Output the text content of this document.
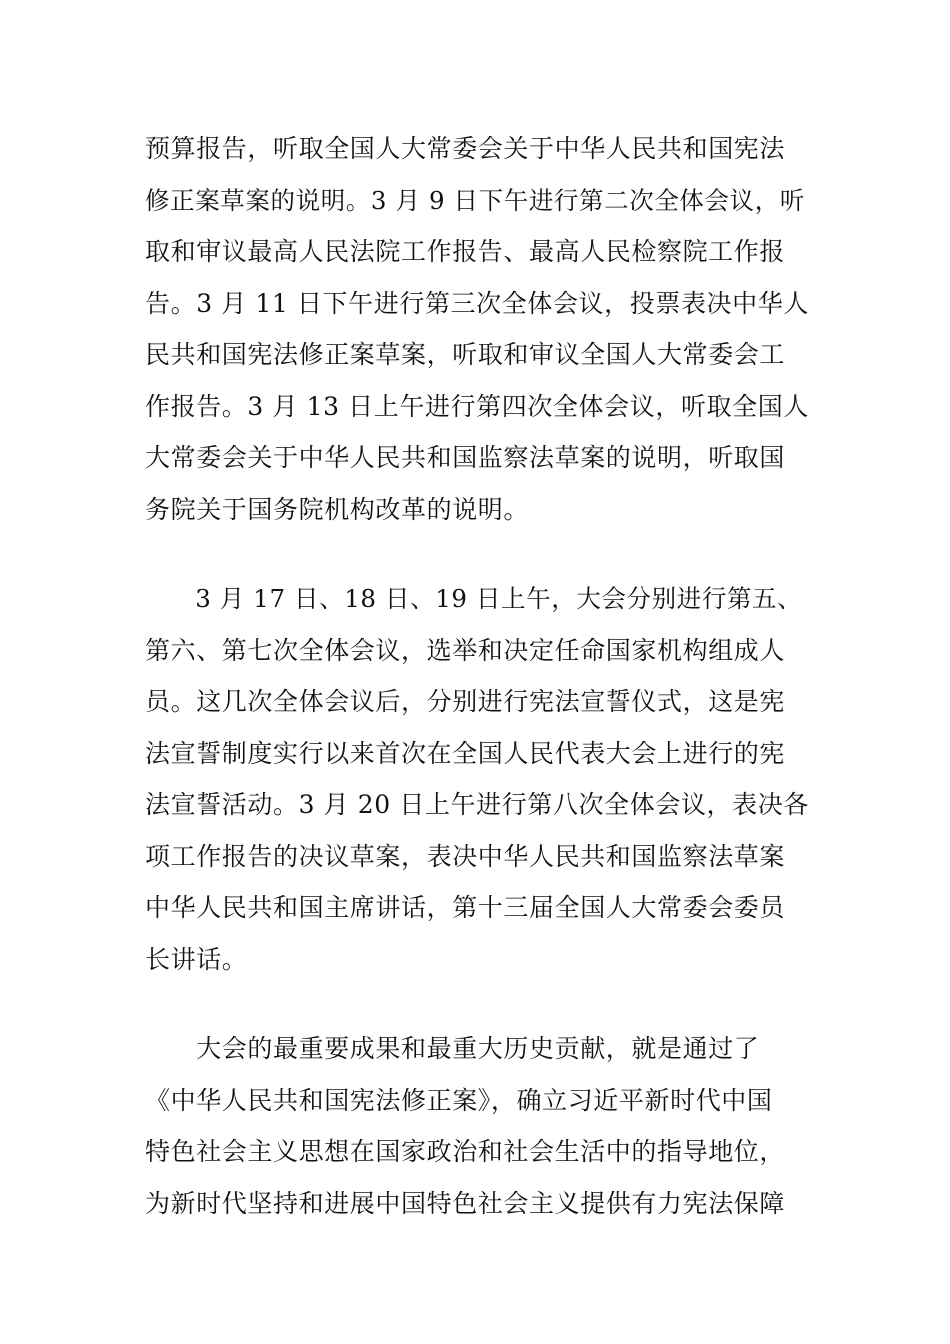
预算报告，听取全国人大常委会关于中华人民共和国宪法
修正案草案的说明。3 月 9 日下午进行第二次全体会议，听
取和审议最高人民法院工作报告、最高人民检察院工作报
告。3 月 11 日下午进行第三次全体会议，投票表决中华人
民共和国宪法修正案草案，听取和审议全国人大常委会工
作报告。3 月 13 日上午进行第四次全体会议，听取全国人
大常委会关于中华人民共和国监察法草案的说明，听取国
务院关于国务院机构改革的说明。
　　3 月 17 日、18 日、19 日上午，大会分别进行第五、
第六、第七次全体会议，选举和决定任命国家机构组成人
员。这几次全体会议后，分别进行宪法宣誓仪式，这是宪
法宣誓制度实行以来首次在全国人民代表大会上进行的宪
法宣誓活动。3 月 20 日上午进行第八次全体会议，表决各
项工作报告的决议草案，表决中华人民共和国监察法草案
中华人民共和国主席讲话，第十三届全国人大常委会委员
长讲话。
　　大会的最重要成果和最重大历史贡献，就是通过了
《中华人民共和国宪法修正案》，确立习近平新时代中国
特色社会主义思想在国家政治和社会生活中的指导地位，
为新时代坚持和进展中国特色社会主义提供有力宪法保障
